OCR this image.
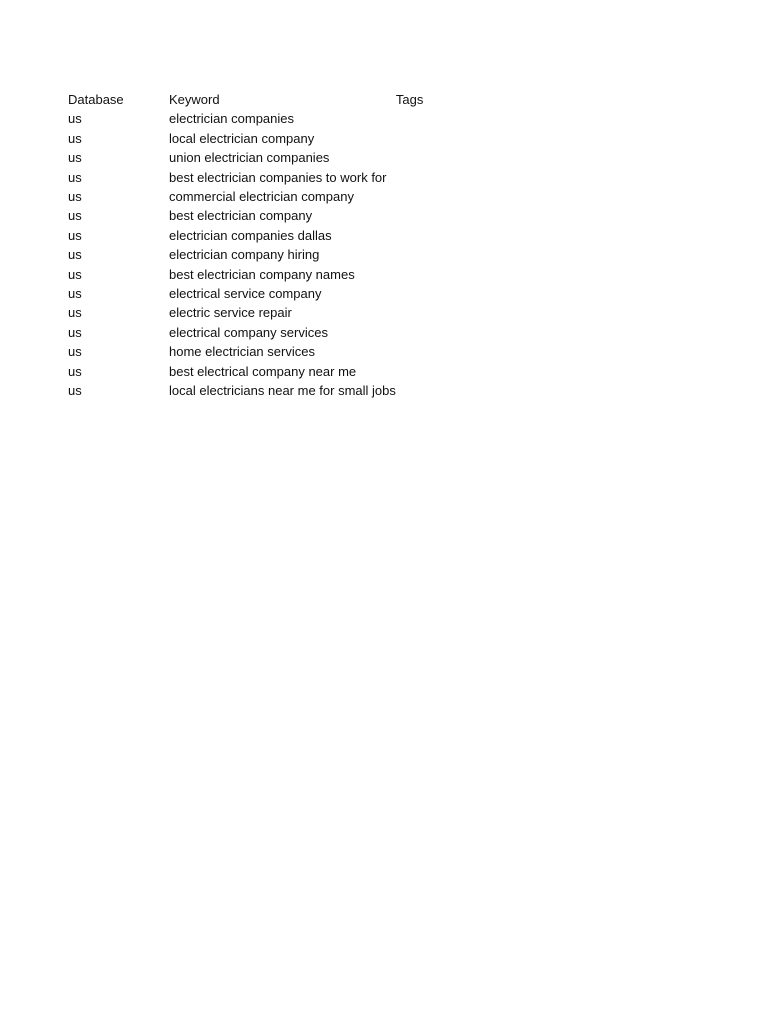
Database	Keyword	Tags
us	electrician companies	
us	local electrician company	
us	union electrician companies	
us	best electrician companies to work for	
us	commercial electrician company	
us	best electrician company	
us	electrician companies dallas	
us	electrician company hiring	
us	best electrician company names	
us	electrical service company	
us	electric service repair	
us	electrical company services	
us	home electrician services	
us	best electrical company near me	
us	local electricians near me for small jobs	
